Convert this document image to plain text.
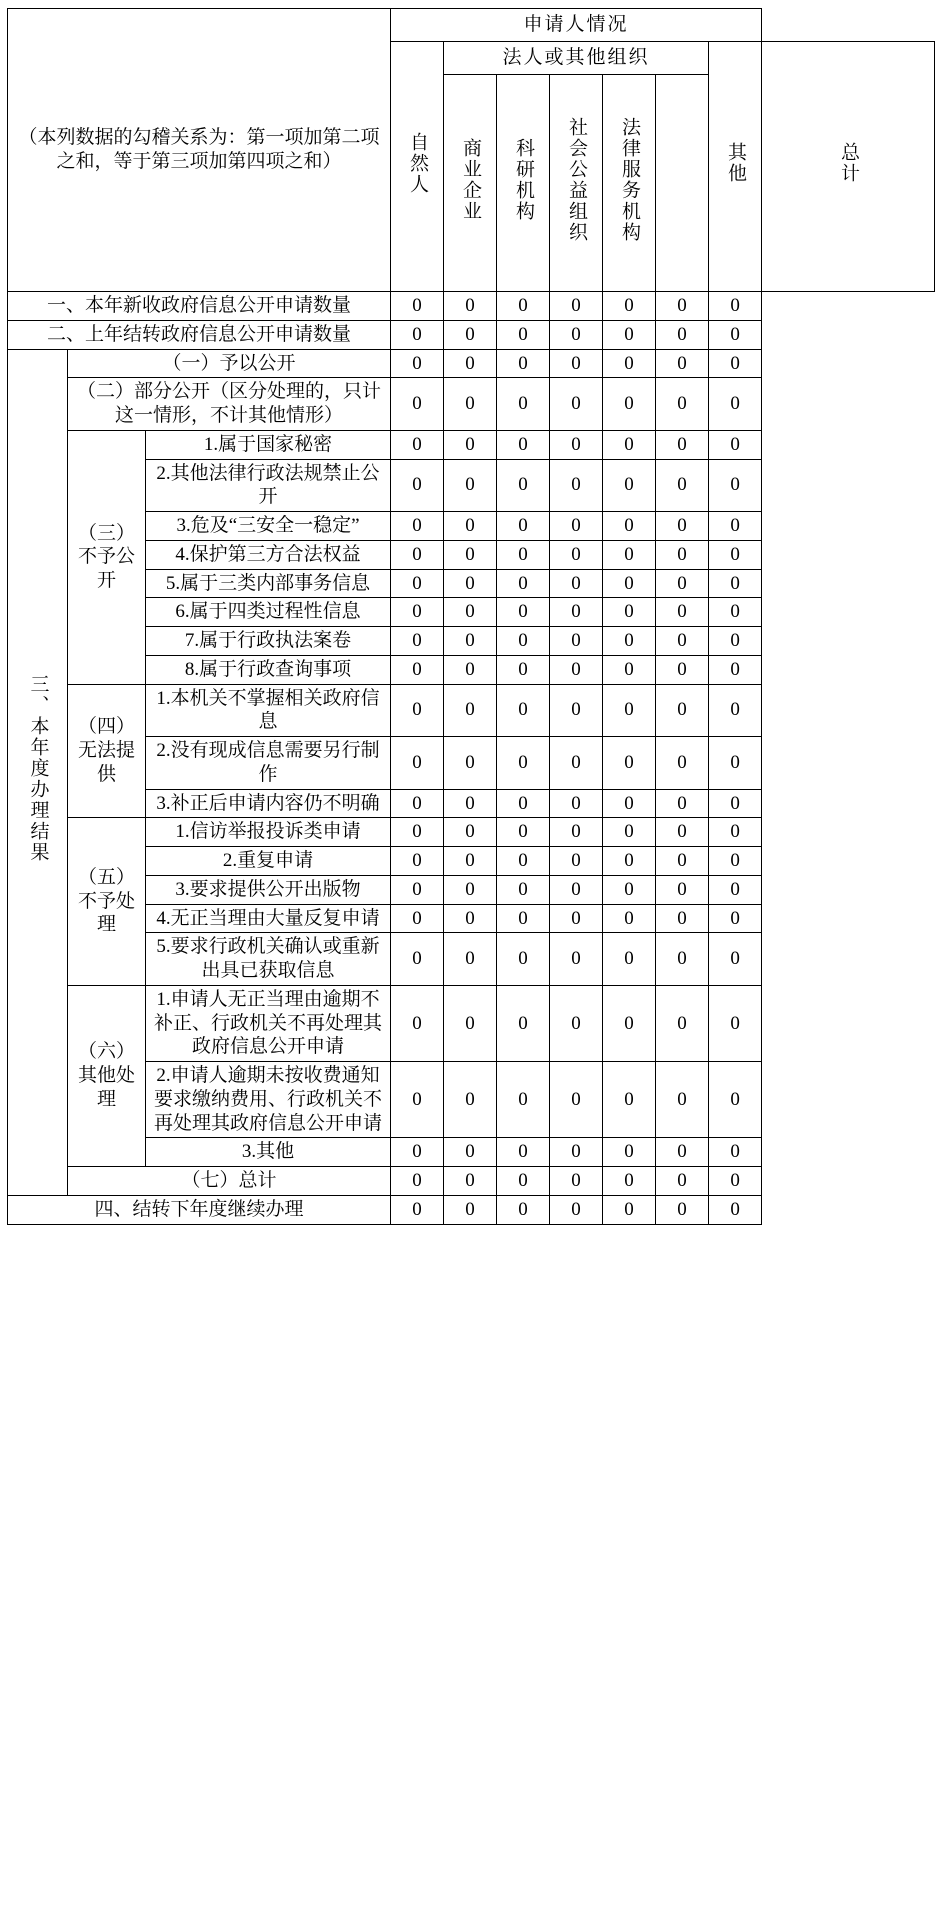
（本列数据的勾稽关系为：第一项加第二项之和，等于第三项加第四项之和）			申请人情况							
			自然人	法人或其他组织					其他	总计
				商业企业	科研机构	社会公益组织	法律服务机构			

一、本年新收政府信息公开申请数量			0	0	0	0	0	0	0	
二、上年结转政府信息公开申请数量			0	0	0	0	0	0	0	
三、本年度办理结果	（一）予以公开		0	0	0	0	0	0	0	
	（二）部分公开（区分处理的，只计这一情形，不计其他情形）		0	0	0	0	0	0	0	
	（三）不予公开	1.属于国家秘密	0	0	0	0	0	0	0	
		2.其他法律行政法规禁止公开	0	0	0	0	0	0	0	
		3.危及“三安全一稳定”	0	0	0	0	0	0	0	
		4.保护第三方合法权益	0	0	0	0	0	0	0	
		5.属于三类内部事务信息	0	0	0	0	0	0	0	
		6.属于四类过程性信息	0	0	0	0	0	0	0	
		7.属于行政执法案卷	0	0	0	0	0	0	0	
		8.属于行政查询事项	0	0	0	0	0	0	0	
	（四）无法提供	1.本机关不掌握相关政府信息	0	0	0	0	0	0	0	
		2.没有现成信息需要另行制作	0	0	0	0	0	0	0	
		3.补正后申请内容仍不明确	0	0	0	0	0	0	0	
	（五）不予处理	1.信访举报投诉类申请	0	0	0	0	0	0	0	
		2.重复申请	0	0	0	0	0	0	0	
		3.要求提供公开出版物	0	0	0	0	0	0	0	
		4.无正当理由大量反复申请	0	0	0	0	0	0	0	
		5.要求行政机关确认或重新出具已获取信息	0	0	0	0	0	0	0	
	（六）其他处理	1.申请人无正当理由逾期不补正、行政机关不再处理其政府信息公开申请	0	0	0	0	0	0	0	
		2.申请人逾期未按收费通知要求缴纳费用、行政机关不再处理其政府信息公开申请	0	0	0	0	0	0	0	
		3.其他	0	0	0	0	0	0	0	
	（七）总计		0	0	0	0	0	0	0	
四、结转下年度继续办理			0	0	0	0	0	0	0	
